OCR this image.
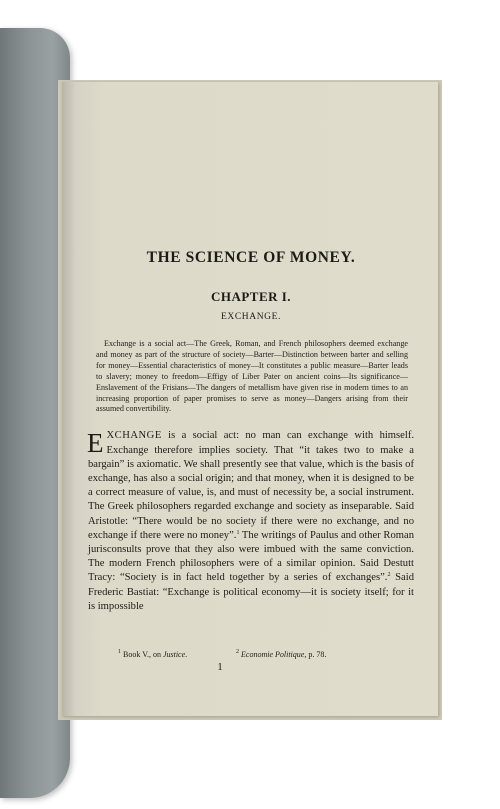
THE SCIENCE OF MONEY.
CHAPTER I.
EXCHANGE.

Exchange is a social act—The Greek, Roman, and French philosophers deemed exchange and money as part of the structure of society—Barter—Distinction between barter and selling for money—Essential characteristics of money—It constitutes a public measure—Barter leads to slavery; money to freedom—Effigy of Liber Pater on ancient coins—Its significance—Enslavement of the Frisians—The dangers of metallism have given rise in modern times to an increasing proportion of paper promises to serve as money—Dangers arising from their assumed convertibility.

EXCHANGE is a social act: no man can exchange with himself. Exchange therefore implies society. That “it takes two to make a bargain” is axiomatic. We shall presently see that value, which is the basis of exchange, has also a social origin; and that money, when it is designed to be a correct measure of value, is, and must of necessity be, a social instrument. The Greek philosophers regarded exchange and society as inseparable. Said Aristotle: “There would be no society if there were no exchange, and no exchange if there were no money”.$^1$ The writings of Paulus and other Roman jurisconsults prove that they also were imbued with the same conviction. The modern French philosophers were of a similar opinion. Said Destutt Tracy: “Society is in fact held together by a series of exchanges”.$^2$ Said Frederic Bastiat: “Exchange is political economy—it is society itself; for it is impossible

$^1$ Book V., on Justice.	$^2$ Economie Politique, p. 78.
1
